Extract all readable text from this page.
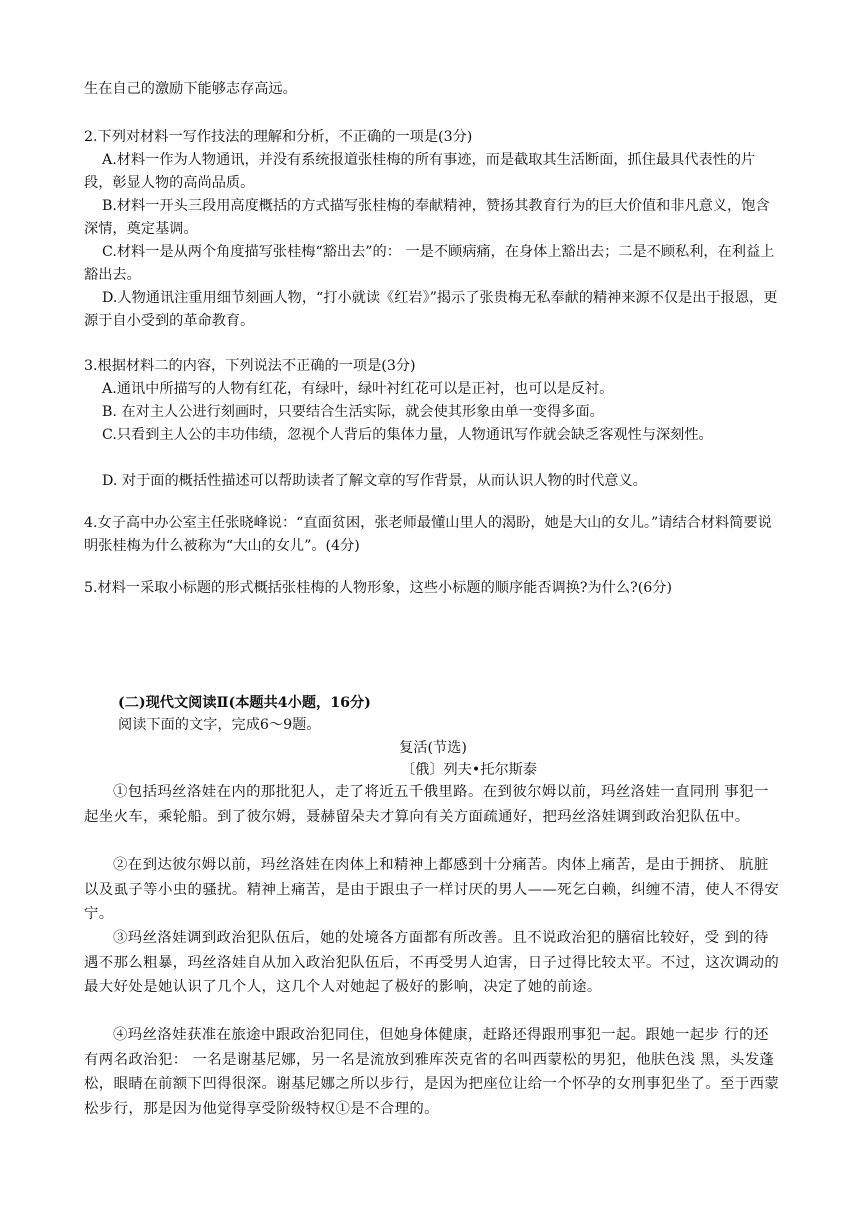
生在自己的激励下能够志存高远。

2.下列对材料一写作技法的理解和分析，不正确的一项是(3分)

A.材料一作为人物通讯，并没有系统报道张桂梅的所有事迹，而是截取其生活断面，抓住最具代表性的片段，彰显人物的高尚品质。

B.材料一开头三段用高度概括的方式描写张桂梅的奉献精神，赞扬其教育行为的巨大价值和非凡意义，饱含深情，奠定基调。

C.材料一是从两个角度描写张桂梅“豁出去”的： 一是不顾病痛，在身体上豁出去；二是不顾私利，在利益上豁出去。

D.人物通讯注重用细节刻画人物，“打小就读《红岩》”揭示了张贵梅无私奉献的精神来源不仅是出于报恩，更源于自小受到的革命教育。

3.根据材料二的内容，下列说法不正确的一项是(3分)

A.通讯中所描写的人物有红花，有绿叶，绿叶衬红花可以是正衬，也可以是反衬。

B. 在对主人公进行刻画时，只要结合生活实际，就会使其形象由单一变得多面。

C.只看到主人公的丰功伟绩，忽视个人背后的集体力量，人物通讯写作就会缺乏客观性与深刻性。

D. 对于面的概括性描述可以帮助读者了解文章的写作背景，从而认识人物的时代意义。

4.女子高中办公室主任张晓峰说：“直面贫困，张老师最懂山里人的渴盼，她是大山的女儿。”请结合材料简要说明张桂梅为什么被称为“大山的女儿”。(4分)

5.材料一采取小标题的形式概括张桂梅的人物形象，这些小标题的顺序能否调换?为什么?(6分)

(二)现代文阅读Ⅱ(本题共4小题，16分)

阅读下面的文字，完成6～9题。

复活(节选)

〔俄〕列夫•托尔斯泰

①包括玛丝洛娃在内的那批犯人，走了将近五千俄里路。在到彼尔姆以前，玛丝洛娃一直同刑 事犯一起坐火车，乘轮船。到了彼尔姆，聂赫留朵夫才算向有关方面疏通好，把玛丝洛娃调到政治犯队伍中。

②在到达彼尔姆以前，玛丝洛娃在肉体上和精神上都感到十分痛苦。肉体上痛苦，是由于拥挤、 肮脏以及虱子等小虫的骚扰。精神上痛苦，是由于跟虫子一样讨厌的男人——死乞白赖，纠缠不清，使人不得安宁。

③玛丝洛娃调到政治犯队伍后，她的处境各方面都有所改善。且不说政治犯的膳宿比较好，受 到的待遇不那么粗暴，玛丝洛娃自从加入政治犯队伍后，不再受男人迫害，日子过得比较太平。不过，这次调动的最大好处是她认识了几个人，这几个人对她起了极好的影响，决定了她的前途。

④玛丝洛娃获准在旅途中跟政治犯同住，但她身体健康，赶路还得跟刑事犯一起。跟她一起步 行的还有两名政治犯： 一名是谢基尼娜，另一名是流放到雅库茨克省的名叫西蒙松的男犯，他肤色浅 黑，头发蓬松，眼睛在前额下凹得很深。谢基尼娜之所以步行，是因为把座位让给一个怀孕的女刑事犯坐了。至于西蒙松步行，那是因为他觉得享受阶级特权①是不合理的。
